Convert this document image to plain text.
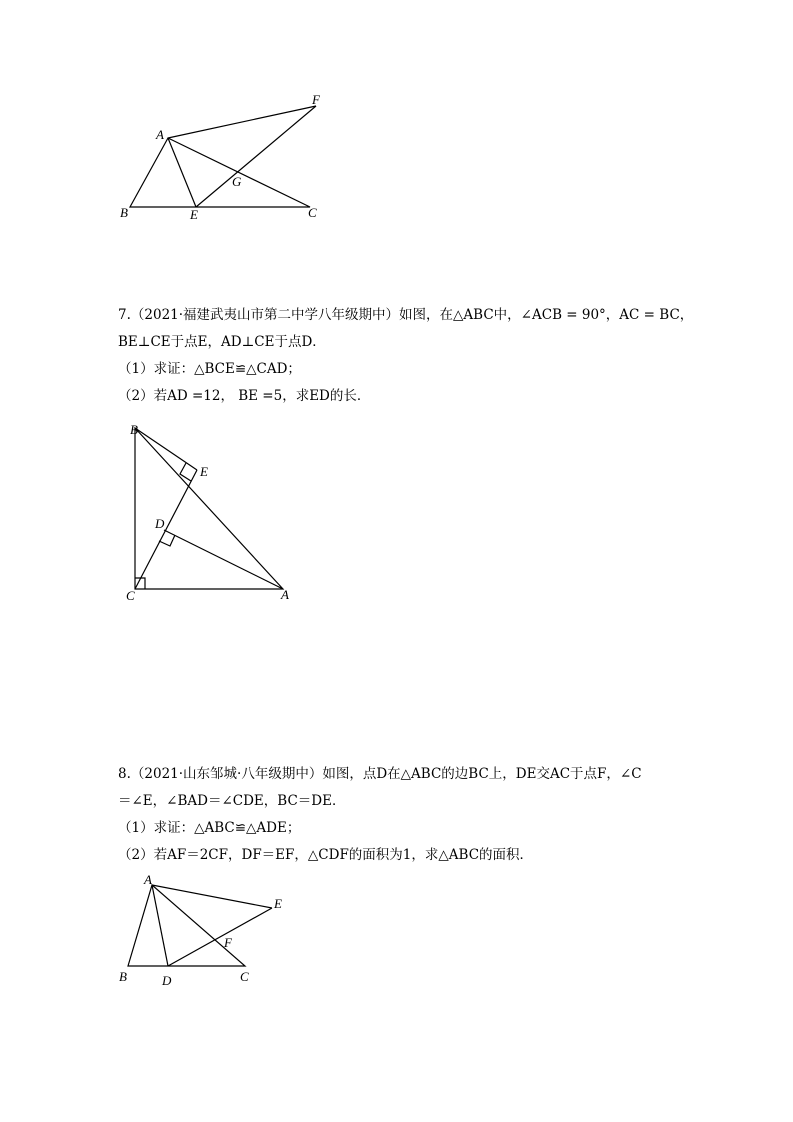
A
B	C
E
F
G
7.（2021·福建武夷山市第二中学八年级期中）如图，在△ABC中，∠ACB = 90°，AC = BC，
BE⊥CE于点E，AD⊥CE于点D．
（1）求证：△BCE≌△CAD；
（2）若AD =12， BE =5，求ED的长．
B
E
D
C	A
8.（2021·山东邹城·八年级期中）如图，点D在△ABC的边BC上，DE交AC于点F，∠C
＝∠E，∠BAD＝∠CDE，BC＝DE．
（1）求证：△ABC≌△ADE；
（2）若AF＝2CF，DF＝EF，△CDF的面积为1，求△ABC的面积．
A
E
F
B	D	C
